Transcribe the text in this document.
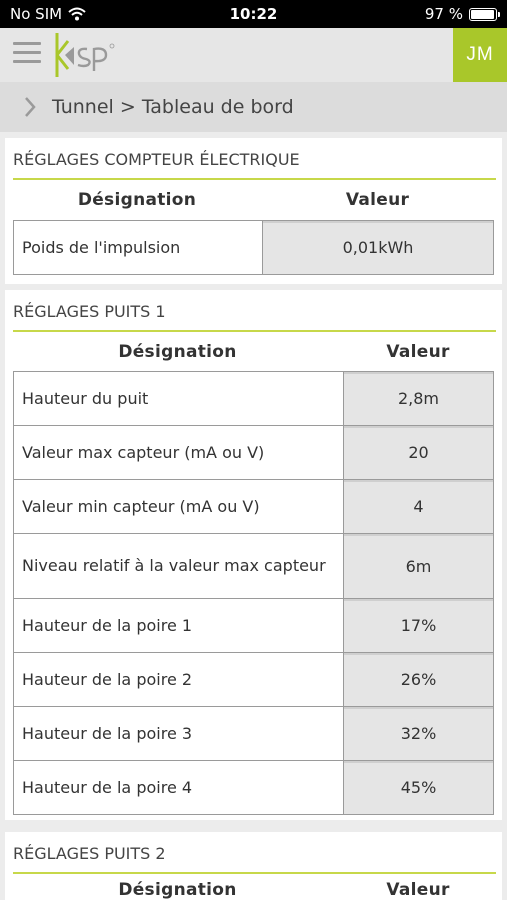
No SIM	10:22	97 %
JM
Tunnel > Tableau de bord
RÉGLAGES COMPTEUR ÉLECTRIQUE
Désignation	Valeur
Poids de l'impulsion	0,01kWh
RÉGLAGES PUITS 1
Désignation	Valeur
Hauteur du puit	2,8m
Valeur max capteur (mA ou V)	20
Valeur min capteur (mA ou V)	4
Niveau relatif à la valeur max capteur	6m
Hauteur de la poire 1	17%
Hauteur de la poire 2	26%
Hauteur de la poire 3	32%
Hauteur de la poire 4	45%
RÉGLAGES PUITS 2
Désignation	Valeur
